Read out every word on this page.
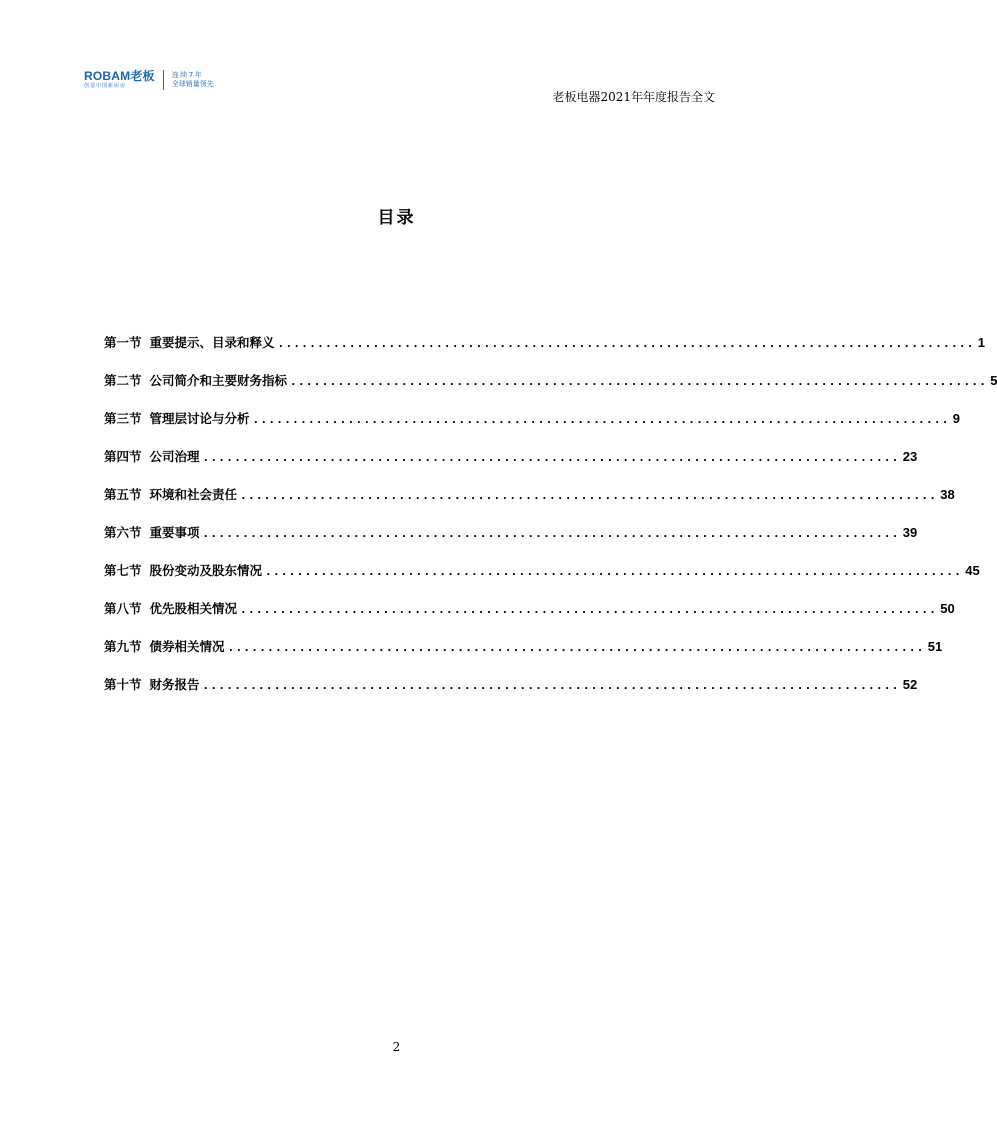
ROBAM老板
创造中国新厨房
连续7年
全球销量领先
老板电器2021年年度报告全文
目录
第一节 重要提示、目录和释义 ........................................................................................ 1
第二节 公司简介和主要财务指标 ........................................................................................ 5
第三节 管理层讨论与分析 ........................................................................................ 9
第四节 公司治理 ........................................................................................ 23
第五节 环境和社会责任 ........................................................................................ 38
第六节 重要事项 ........................................................................................ 39
第七节 股份变动及股东情况 ........................................................................................ 45
第八节 优先股相关情况 ........................................................................................ 50
第九节 债券相关情况 ........................................................................................ 51
第十节 财务报告 ........................................................................................ 52
2
